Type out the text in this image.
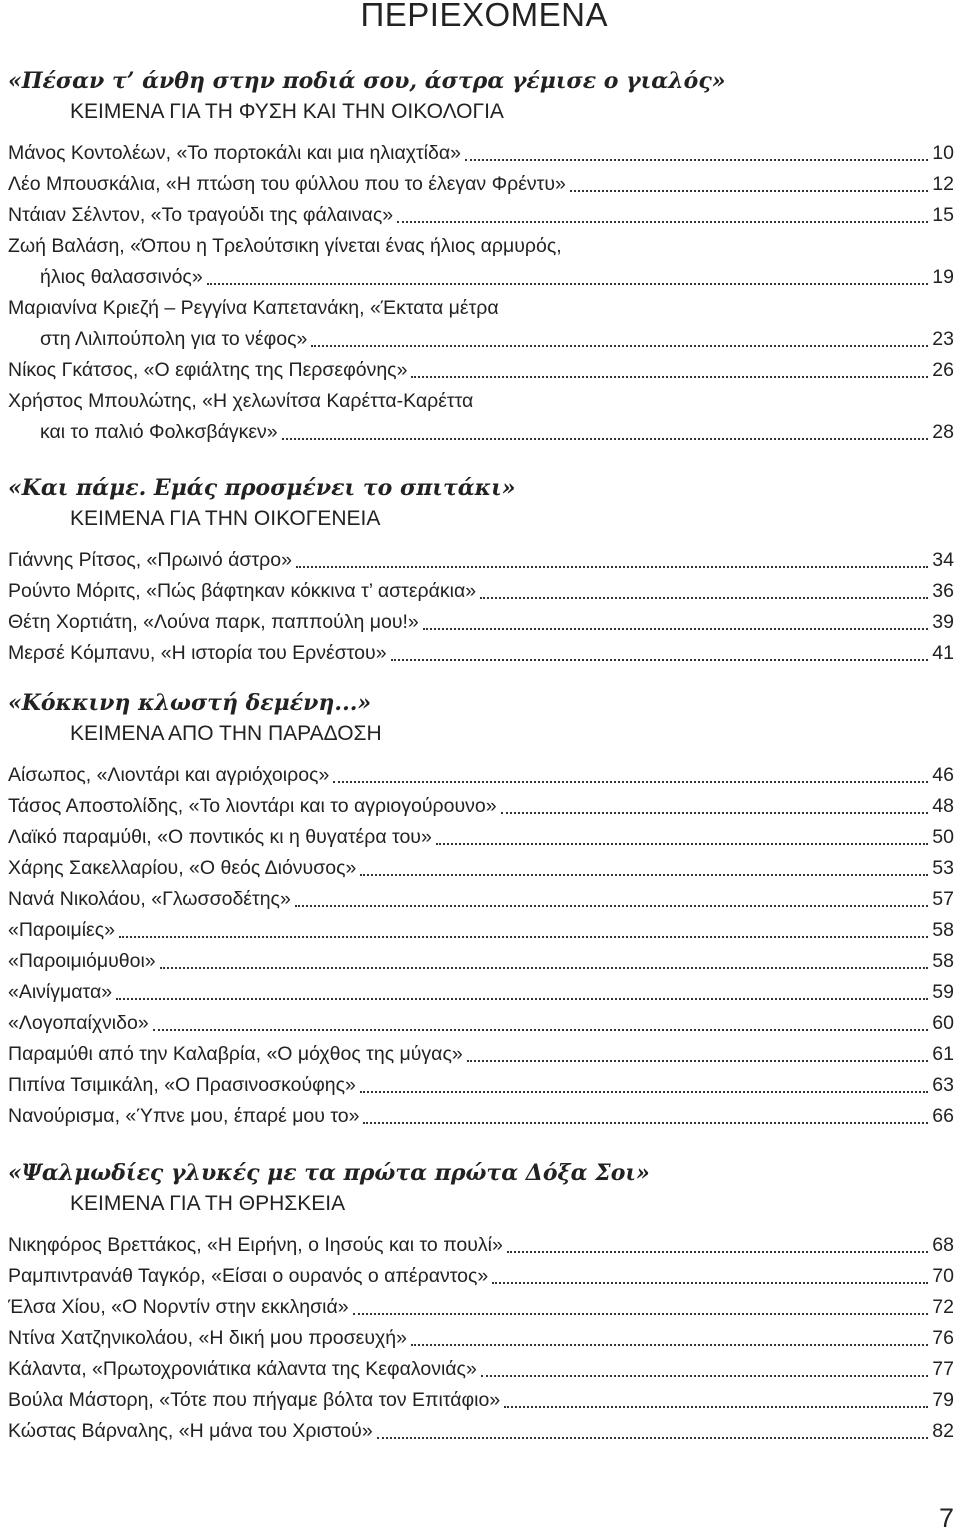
ΠΕΡΙΕΧΟΜΕΝΑ
«Πέσαν τ’ άνθη στην ποδιά σου, άστρα γέμισε ο γιαλός»
ΚΕΙΜΕΝΑ ΓΙΑ ΤΗ ΦΥΣΗ ΚΑΙ ΤΗΝ ΟΙΚΟΛΟΓΙΑ
Μάνος Κοντολέων, «Το πορτοκάλι και μια ηλιαχτίδα»	10
Λέο Μπουσκάλια, «Η πτώση του φύλλου που το έλεγαν Φρέντυ»	12
Ντάιαν Σέλντον, «Το τραγούδι της φάλαινας»	15
Ζωή Βαλάση, «Όπου η Τρελούτσικη γίνεται ένας ήλιος αρμυρός,
ήλιος θαλασσινός»	19
Μαριανίνα Κριεζή – Ρεγγίνα Καπετανάκη, «Έκτατα μέτρα
στη Λιλιπούπολη για το νέφος»	23
Νίκος Γκάτσος, «Ο εφιάλτης της Περσεφόνης»	26
Χρήστος Μπουλώτης, «Η χελωνίτσα Καρέττα-Καρέττα
και το παλιό Φολκσβάγκεν»	28
«Και πάμε. Εμάς προσμένει το σπιτάκι»
ΚΕΙΜΕΝΑ ΓΙΑ ΤΗΝ ΟΙΚΟΓΕΝΕΙΑ
Γιάννης Ρίτσος, «Πρωινό άστρο»	34
Ρούντο Μόριτς, «Πώς βάφτηκαν κόκκινα τ’ αστεράκια»	36
Θέτη Χορτιάτη, «Λούνα παρκ, παππούλη μου!»	39
Μερσέ Κόμπανυ, «Η ιστορία του Ερνέστου»	41
«Κόκκινη κλωστή δεμένη...»
ΚΕΙΜΕΝΑ ΑΠΟ ΤΗΝ ΠΑΡΑΔΟΣΗ
Αίσωπος, «Λιοντάρι και αγριόχοιρος»	46
Τάσος Αποστολίδης, «Το λιοντάρι και το αγριογούρουνο»	48
Λαϊκό παραμύθι, «Ο ποντικός κι η θυγατέρα του»	50
Χάρης Σακελλαρίου, «Ο θεός Διόνυσος»	53
Νανά Νικολάου, «Γλωσσοδέτης»	57
«Παροιμίες»	58
«Παροιμιόμυθοι»	58
«Αινίγματα»	59
«Λογοπαίχνιδο»	60
Παραμύθι από την Καλαβρία, «Ο μόχθος της μύγας»	61
Πιπίνα Τσιμικάλη, «Ο Πρασινοσκούφης»	63
Νανούρισμα, «Ύπνε μου, έπαρέ μου το»	66
«Ψαλμωδίες γλυκές με τα πρώτα πρώτα Δόξα Σοι»
ΚΕΙΜΕΝΑ ΓΙΑ ΤΗ ΘΡΗΣΚΕΙΑ
Νικηφόρος Βρεττάκος, «Η Ειρήνη, ο Ιησούς και το πουλί»	68
Ραμπιντρανάθ Ταγκόρ, «Είσαι ο ουρανός ο απέραντος»	70
Έλσα Χίου, «Ο Νορντίν στην εκκλησιά»	72
Ντίνα Χατζηνικολάου, «Η δική μου προσευχή»	76
Κάλαντα, «Πρωτοχρονιάτικα κάλαντα της Κεφαλονιάς»	77
Βούλα Μάστορη, «Τότε που πήγαμε βόλτα τον Επιτάφιο»	79
Κώστας Βάρναλης, «Η μάνα του Χριστού»	82
7
